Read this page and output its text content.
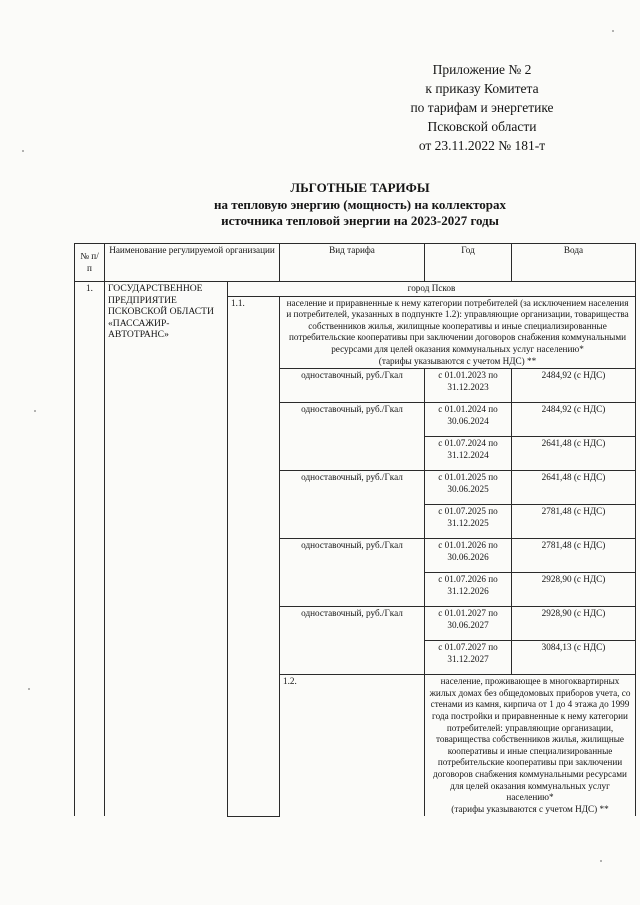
Приложение № 2
к приказу Комитета
по тарифам и энергетике
Псковской области
от 23.11.2022 № 181-т
ЛЬГОТНЫЕ ТАРИФЫ
на тепловую энергию (мощность) на коллекторах
источника тепловой энергии на 2023-2027 годы
№ п/п	Наименование регулируемой организации		Вид тарифа	Год	Вода
1.	ГОСУДАРСТВЕННОЕ ПРЕДПРИЯТИЕ ПСКОВСКОЙ ОБЛАСТИ «ПАССАЖИР-АВТОТРАНС»	город Псков			
		1.1.	население и приравненные к нему категории потребителей (за исключением населения и потребителей, указанных в подпункте 1.2): управляющие организации, товарищества собственников жилья, жилищные кооперативы и иные специализированные потребительские кооперативы при заключении договоров снабжения коммунальными ресурсами для целей оказания коммунальных услуг населению*
(тарифы указываются с учетом НДС) **		

			одноставочный, руб./Гкал	с 01.01.2023 по 31.12.2023	2484,92 (с НДС)
			одноставочный, руб./Гкал	с 01.01.2024 по 30.06.2024	2484,92 (с НДС)
				с 01.07.2024 по 31.12.2024	2641,48 (с НДС)
			одноставочный, руб./Гкал	с 01.01.2025 по 30.06.2025	2641,48 (с НДС)
				с 01.07.2025 по 31.12.2025	2781,48 (с НДС)
			одноставочный, руб./Гкал	с 01.01.2026 по 30.06.2026	2781,48 (с НДС)
				с 01.07.2026 по 31.12.2026	2928,90 (с НДС)
			одноставочный, руб./Гкал	с 01.01.2027 по 30.06.2027	2928,90 (с НДС)
				с 01.07.2027 по 31.12.2027	3084,13 (с НДС)
			1.2.	население, проживающее в многоквартирных жилых домах без общедомовых приборов учета, со стенами из камня, кирпича от 1 до 4 этажа до 1999 года постройки и приравненные к нему категории потребителей: управляющие организации, товарищества собственников жилья, жилищные кооперативы и иные специализированные потребительские кооперативы при заключении договоров снабжения коммунальными ресурсами для целей оказания коммунальных услуг населению*
(тарифы указываются с учетом НДС) **	
